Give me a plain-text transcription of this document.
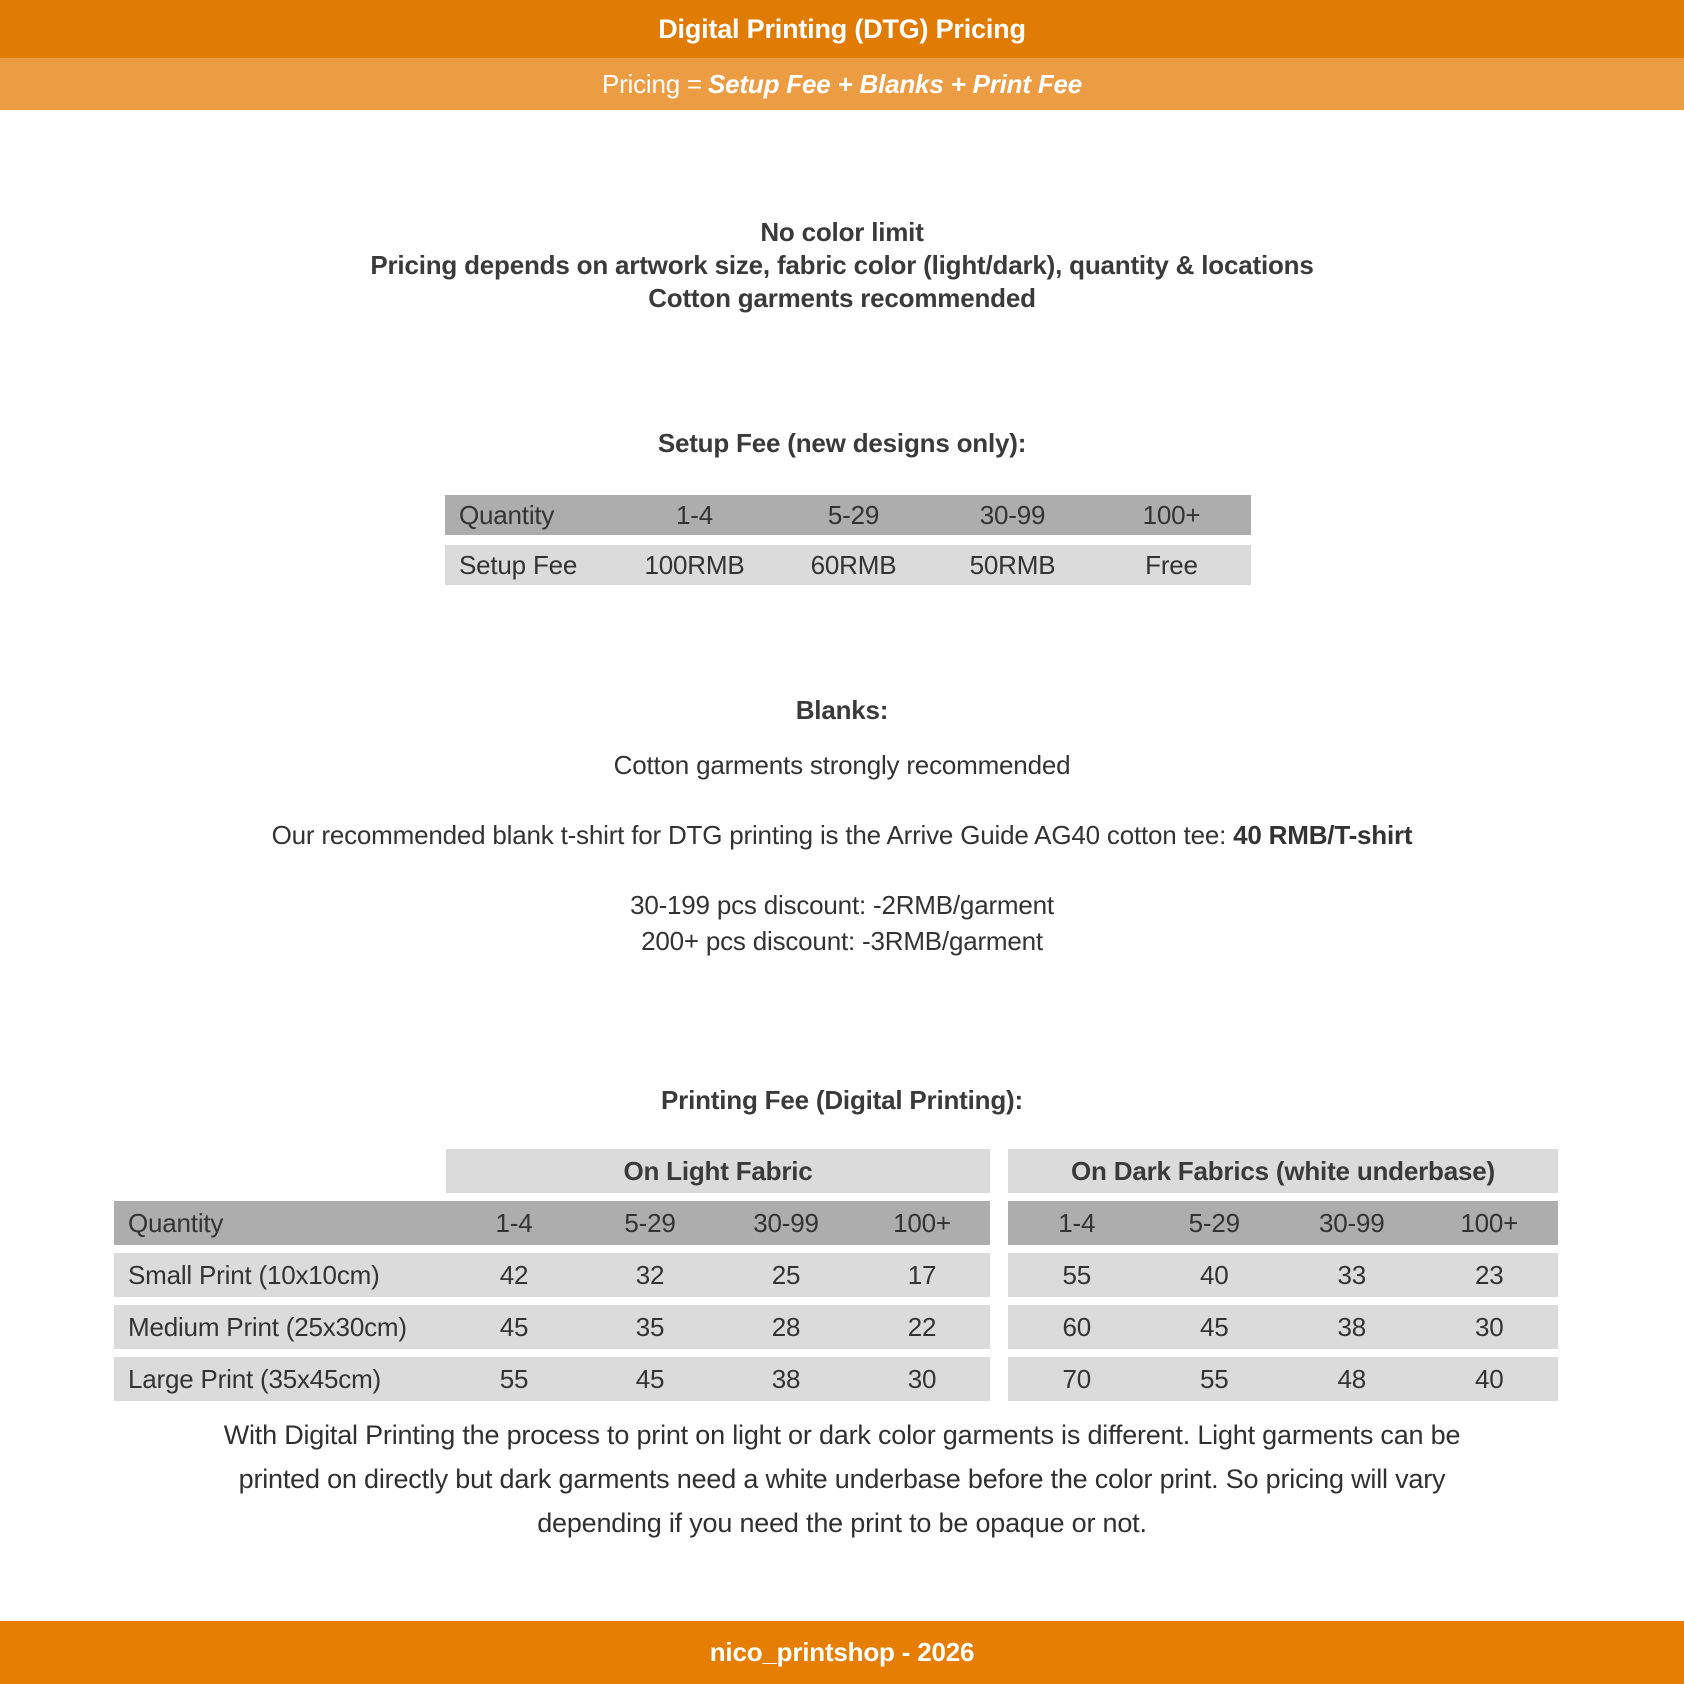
Digital Printing (DTG) Pricing
Pricing = Setup Fee + Blanks + Print Fee
No color limit
Pricing depends on artwork size, fabric color (light/dark), quantity & locations
Cotton garments recommended
Setup Fee (new designs only):
Quantity	1-4	5-29	30-99	100+
Setup Fee	100RMB	60RMB	50RMB	Free
Blanks:
Cotton garments strongly recommended
Our recommended blank t-shirt for DTG printing is the Arrive Guide AG40 cotton tee: 40 RMB/T-shirt
30-199 pcs discount: -2RMB/garment
200+ pcs discount: -3RMB/garment
Printing Fee (Digital Printing):
On Light Fabric	On Dark Fabrics (white underbase)
Quantity	1-4	5-29	30-99	100+	1-4	5-29	30-99	100+
Small Print (10x10cm)	42	32	25	17	55	40	33	23
Medium Print (25x30cm)	45	35	28	22	60	45	38	30
Large Print (35x45cm)	55	45	38	30	70	55	48	40
With Digital Printing the process to print on light or dark color garments is different. Light garments can be
printed on directly but dark garments need a white underbase before the color print. So pricing will vary
depending if you need the print to be opaque or not.
nico_printshop - 2026
